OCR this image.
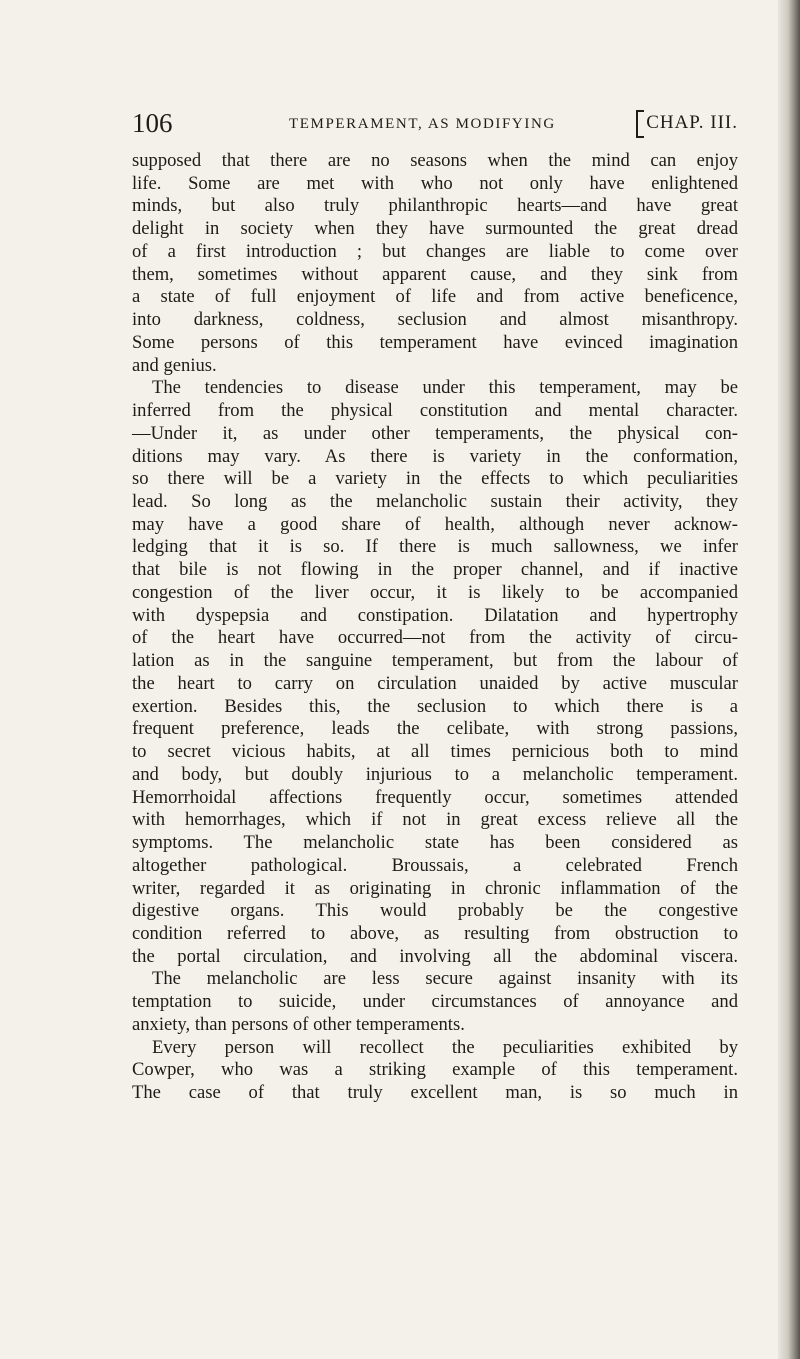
106	TEMPERAMENT, AS MODIFYING	CHAP. III.
supposed that there are no seasons when the mind can enjoy
life. Some are met with who not only have enlightened
minds, but also truly philanthropic hearts—and have great
delight in society when they have surmounted the great dread
of a first introduction ; but changes are liable to come over
them, sometimes without apparent cause, and they sink from
a state of full enjoyment of life and from active beneficence,
into darkness, coldness, seclusion and almost misanthropy.
Some persons of this temperament have evinced imagination
and genius.
The tendencies to disease under this temperament, may be
inferred from the physical constitution and mental character.
—Under it, as under other temperaments, the physical con-
ditions may vary. As there is variety in the conformation,
so there will be a variety in the effects to which peculiarities
lead. So long as the melancholic sustain their activity, they
may have a good share of health, although never acknow-
ledging that it is so. If there is much sallowness, we infer
that bile is not flowing in the proper channel, and if inactive
congestion of the liver occur, it is likely to be accompanied
with dyspepsia and constipation. Dilatation and hypertrophy
of the heart have occurred—not from the activity of circu-
lation as in the sanguine temperament, but from the labour of
the heart to carry on circulation unaided by active muscular
exertion. Besides this, the seclusion to which there is a
frequent preference, leads the celibate, with strong passions,
to secret vicious habits, at all times pernicious both to mind
and body, but doubly injurious to a melancholic temperament.
Hemorrhoidal affections frequently occur, sometimes attended
with hemorrhages, which if not in great excess relieve all the
symptoms. The melancholic state has been considered as
altogether pathological. Broussais, a celebrated French
writer, regarded it as originating in chronic inflammation of the
digestive organs. This would probably be the congestive
condition referred to above, as resulting from obstruction to
the portal circulation, and involving all the abdominal viscera.
The melancholic are less secure against insanity with its
temptation to suicide, under circumstances of annoyance and
anxiety, than persons of other temperaments.
Every person will recollect the peculiarities exhibited by
Cowper, who was a striking example of this temperament.
The case of that truly excellent man, is so much in
